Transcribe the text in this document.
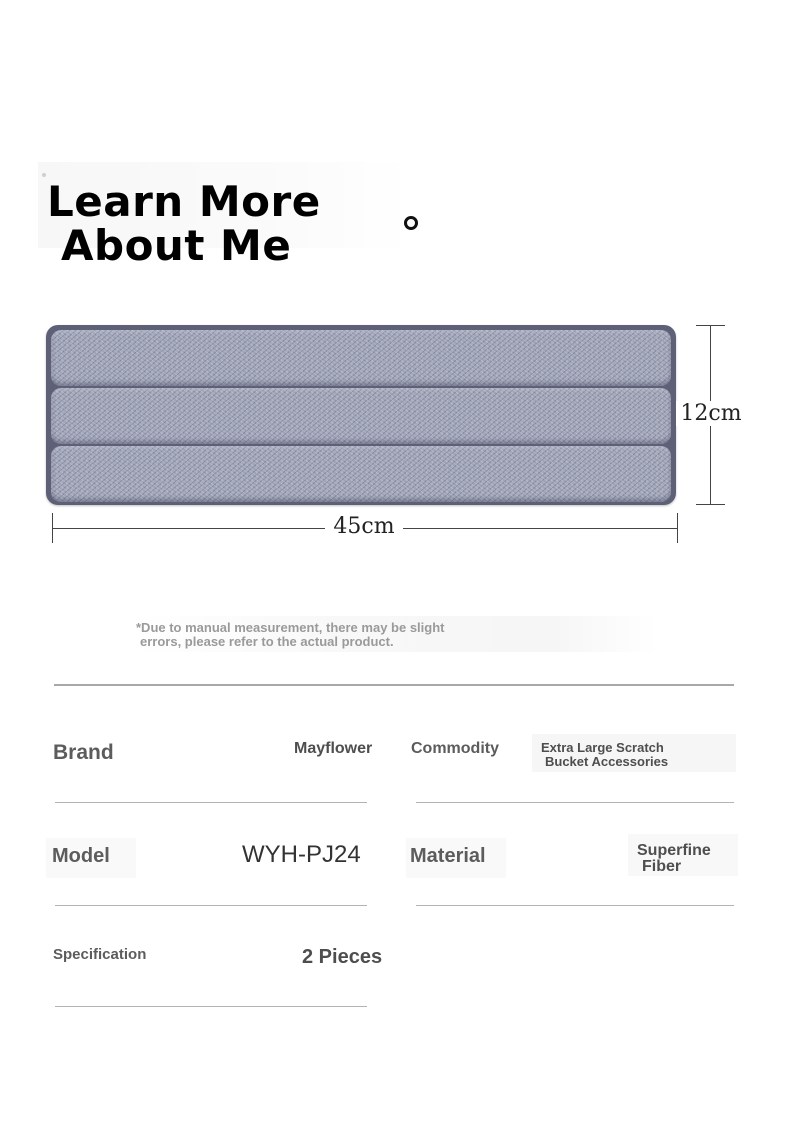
Learn More
About Me
12cm
45cm
*Due to manual measurement, there may be slight
errors, please refer to the actual product.
Brand	Mayflower Commodity	Extra Large Scratch
Bucket Accessories
Model	WYH-PJ24 Material	Superfine
Fiber
Specification	2 Pieces
